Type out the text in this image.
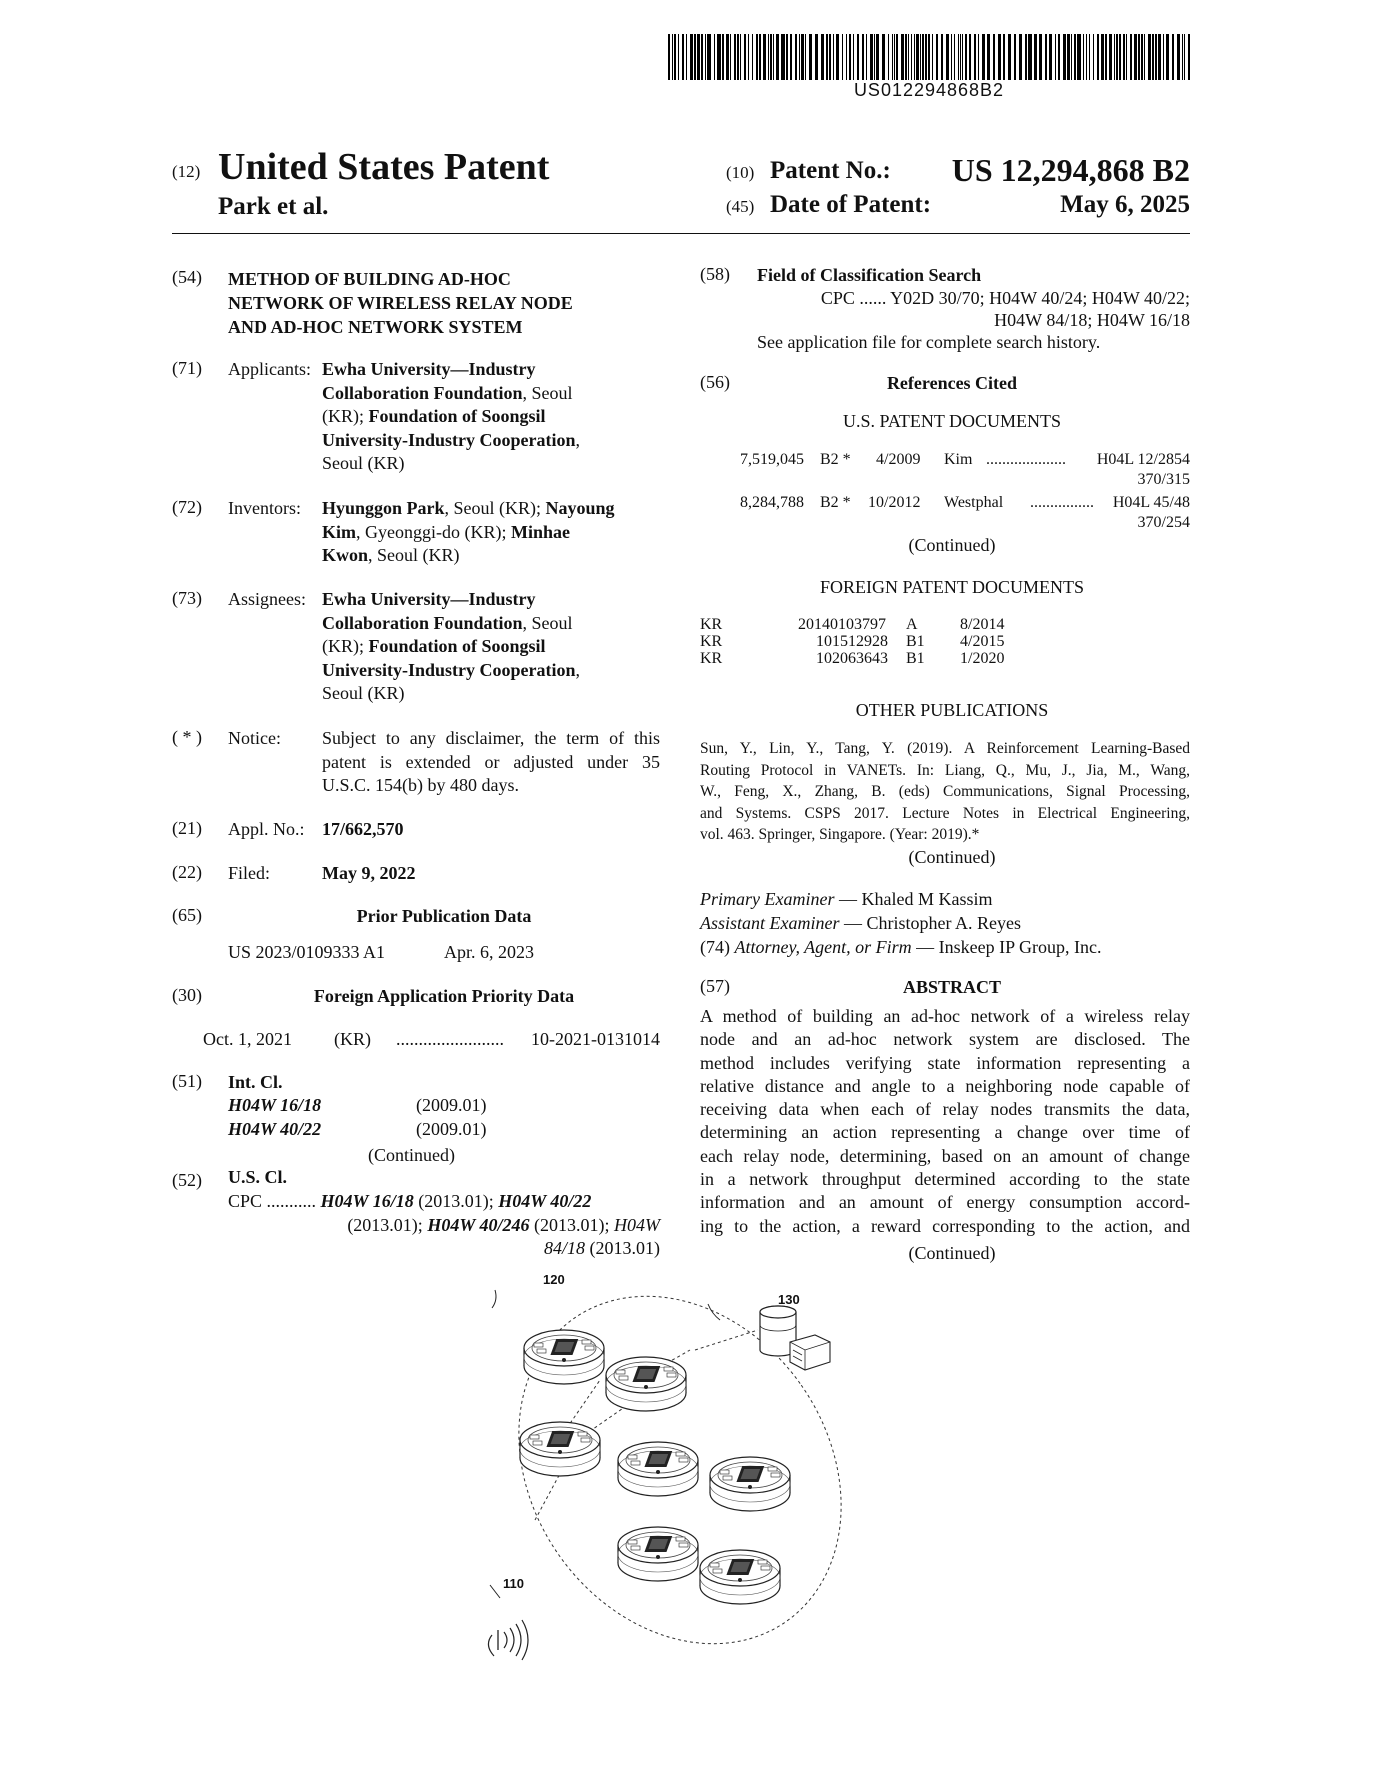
US012294868B2
(12) United States Patent
Park et al.
(10) Patent No.:	US 12,294,868 B2
(45) Date of Patent:	May 6, 2025
(54) METHOD OF BUILDING AD-HOC
NETWORK OF WIRELESS RELAY NODE
AND AD-HOC NETWORK SYSTEM
(71) Applicants: Ewha University—Industry
Collaboration Foundation, Seoul
(KR); Foundation of Soongsil
University-Industry Cooperation,
Seoul (KR)
(72) Inventors: Hyunggon Park, Seoul (KR); Nayoung
Kim, Gyeonggi-do (KR); Minhae
Kwon, Seoul (KR)
(73) Assignees: Ewha University—Industry
Collaboration Foundation, Seoul
(KR); Foundation of Soongsil
University-Industry Cooperation,
Seoul (KR)
( * ) Notice: Subject to any disclaimer, the term of this
patent is extended or adjusted under 35
U.S.C. 154(b) by 480 days.
(21) Appl. No.: 17/662,570
(22) Filed:	May 9, 2022
(65)	Prior Publication Data
US 2023/0109333 A1	Apr. 6, 2023
(30)	Foreign Application Priority Data
Oct. 1, 2021 (KR) ........................	10-2021-0131014
(51) Int. Cl.
H04W 16/18	(2009.01)
H04W 40/22	(2009.01)
(Continued)
(52) U.S. Cl.
CPC ........... H04W 16/18 (2013.01); H04W 40/22
(2013.01); H04W 40/246 (2013.01); H04W
84/18 (2013.01)
(58) Field of Classification Search
CPC ...... Y02D 30/70; H04W 40/24; H04W 40/22;
H04W 84/18; H04W 16/18
See application file for complete search history.
(56)	References Cited
U.S. PATENT DOCUMENTS
7,519,045 B2 * 4/2009 Kim ....................	H04L 12/2854
370/315
8,284,788 B2 * 10/2012 Westphal ................	H04L 45/48
370/254
(Continued)
FOREIGN PATENT DOCUMENTS
KR	20140103797 A	8/2014
KR	101512928 B1 4/2015
KR	102063643 B1 1/2020
OTHER PUBLICATIONS
Sun, Y., Lin, Y., Tang, Y. (2019). A Reinforcement Learning-Based
Routing Protocol in VANETs. In: Liang, Q., Mu, J., Jia, M., Wang,
W., Feng, X., Zhang, B. (eds) Communications, Signal Processing,
and Systems. CSPS 2017. Lecture Notes in Electrical Engineering,
vol. 463. Springer, Singapore. (Year: 2019).*
(Continued)
Primary Examiner — Khaled M Kassim
Assistant Examiner — Christopher A. Reyes
(74) Attorney, Agent, or Firm — Inskeep IP Group, Inc.
(57)	ABSTRACT
A method of building an ad-hoc network of a wireless relay
node and an ad-hoc network system are disclosed. The
method includes verifying state information representing a
relative distance and angle to a neighboring node capable of
receiving data when each of relay nodes transmits the data,
determining an action representing a change over time of
each relay node, determining, based on an amount of change
in a network throughput determined according to the state
information and an amount of energy consumption accord-
ing to the action, a reward corresponding to the action, and
(Continued)
120
130
110
